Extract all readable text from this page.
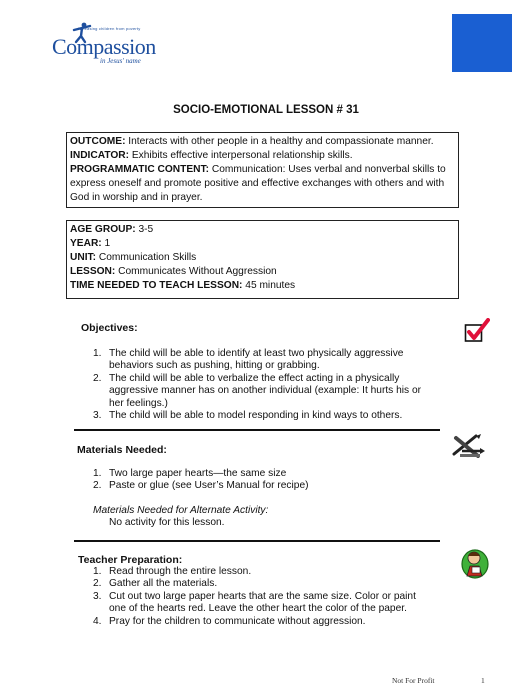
Releasing children from poverty
Compassion
in Jesus' name
SOCIO-EMOTIONAL LESSON # 31
OUTCOME: Interacts with other people in a healthy and compassionate manner.
INDICATOR: Exhibits effective interpersonal relationship skills.
PROGRAMMATIC CONTENT: Communication: Uses verbal and nonverbal skills to express oneself and promote positive and effective exchanges with others and with God in worship and in prayer.
AGE GROUP: 3-5
YEAR: 1
UNIT: Communication Skills
LESSON: Communicates Without Aggression
TIME NEEDED TO TEACH LESSON: 45 minutes
Objectives:
1. The child will be able to identify at least two physically aggressive behaviors such as pushing, hitting or grabbing.
2. The child will be able to verbalize the effect acting in a physically aggressive manner has on another individual (example: It hurts his or her feelings.)
3. The child will be able to model responding in kind ways to others.
Materials Needed:
1. Two large paper hearts—the same size
2. Paste or glue (see User’s Manual for recipe)
Materials Needed for Alternate Activity:
No activity for this lesson.
Teacher Preparation:
1. Read through the entire lesson.
2. Gather all the materials.
3. Cut out two large paper hearts that are the same size. Color or paint one of the hearts red. Leave the other heart the color of the paper.
4. Pray for the children to communicate without aggression.
Not For Profit	1
